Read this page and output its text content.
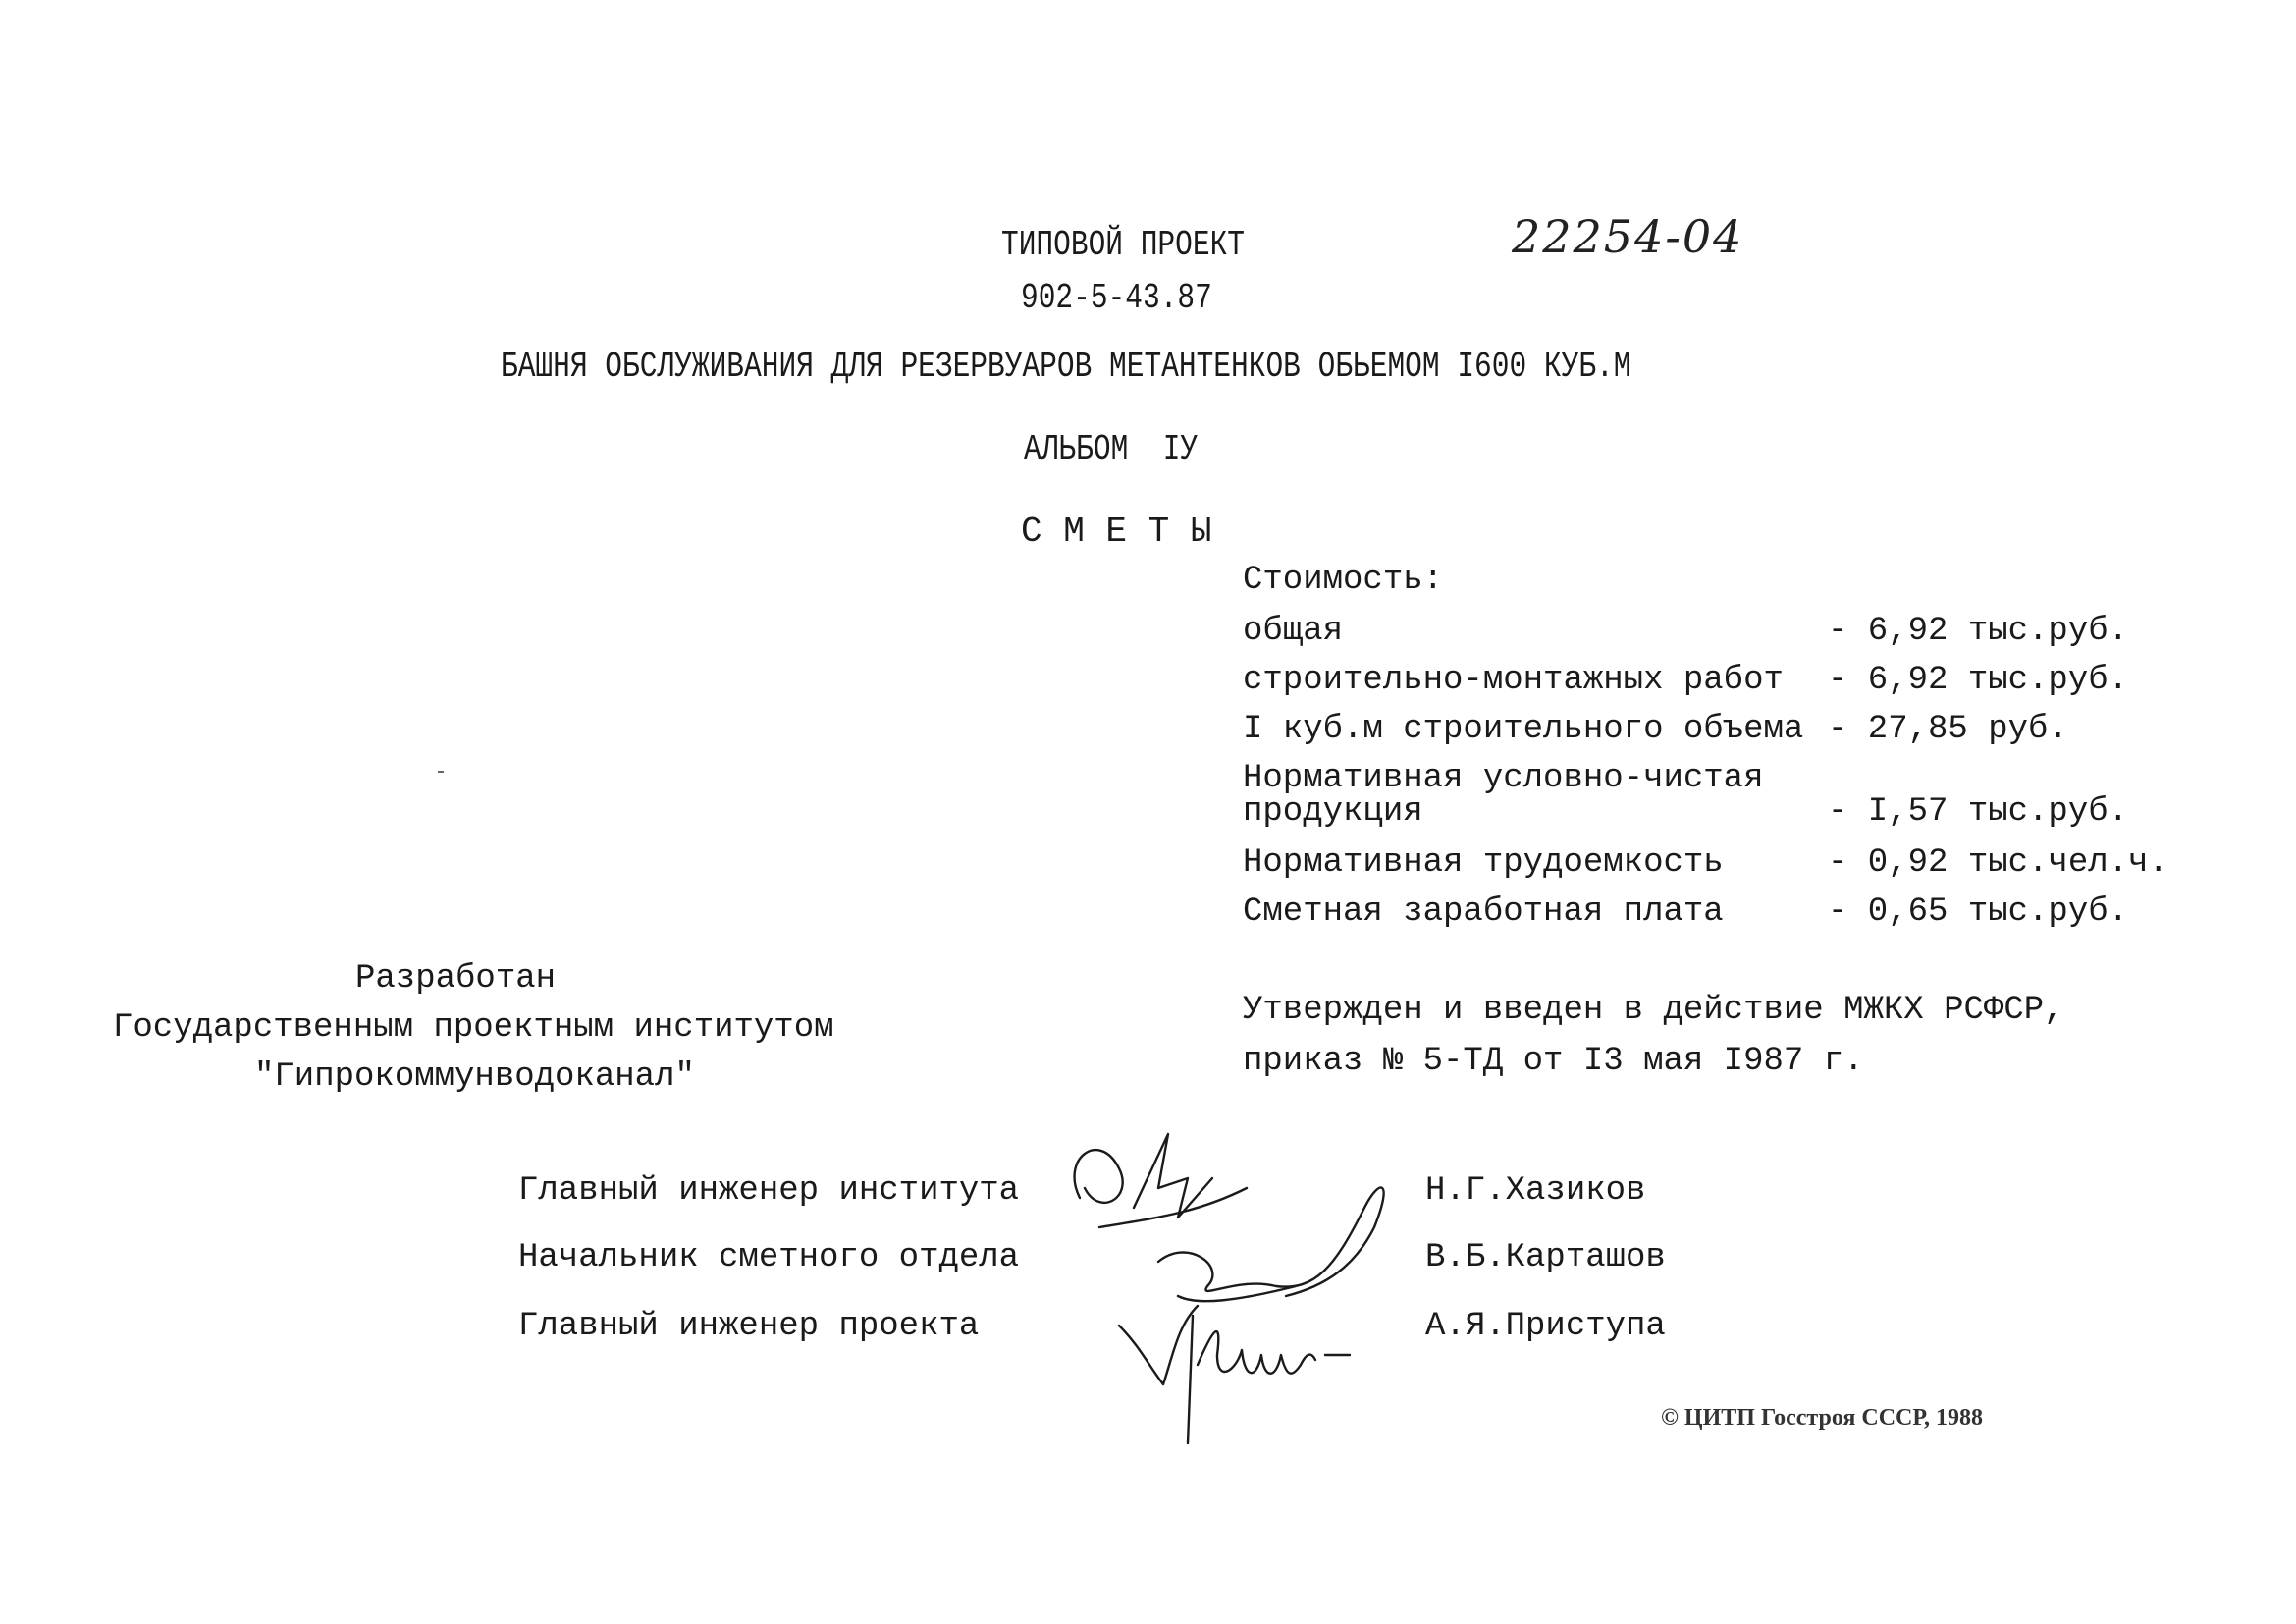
ТИПОВОЙ ПРОЕКТ	22254-04
902-5-43.87
БАШНЯ ОБСЛУЖИВАНИЯ ДЛЯ РЕЗЕРВУАРОВ МЕТАНТЕНКОВ ОБЬЕМОМ I600 КУБ.М
АЛЬБОМ  IУ
С М Е Т Ы
Стоимость:
общая	- 6,92 тыс.руб.
строительно-монтажных работ - 6,92 тыс.руб.
I куб.м строительного объема - 27,85 руб.
Нормативная условно-чистая
продукция	- I,57 тыс.руб.
Нормативная трудоемкость	- 0,92 тыс.чел.ч.
Сметная заработная плата	- 0,65 тыс.руб.
Разработан
Государственным проектным институтом
"Гипрокоммунводоканал"
Утвержден и введен в действие МЖКХ РСФСР,
приказ № 5-ТД от I3 мая I987 г.
Главный инженер института	Н.Г.Хазиков
Начальник сметного отдела	В.Б.Карташов
Главный инженер проекта	А.Я.Приступа
© ЦИТП Госстроя СССР, 1988
